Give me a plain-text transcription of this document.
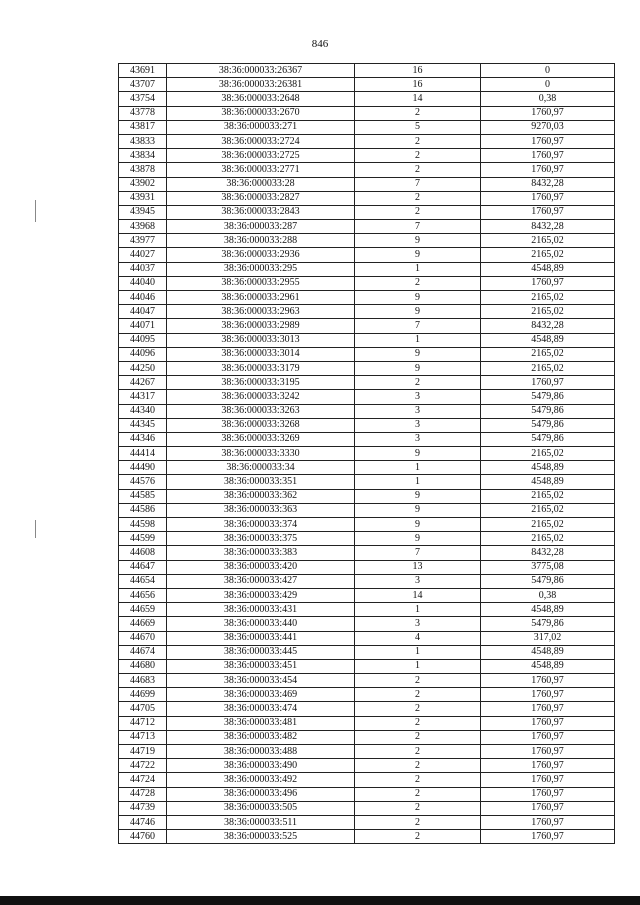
846
43691	38:36:000033:26367	16	0
43707	38:36:000033:26381	16	0
43754	38:36:000033:2648	14	0,38
43778	38:36:000033:2670	2	1760,97
43817	38:36:000033:271	5	9270,03
43833	38:36:000033:2724	2	1760,97
43834	38:36:000033:2725	2	1760,97
43878	38:36:000033:2771	2	1760,97
43902	38:36:000033:28	7	8432,28
43931	38:36:000033:2827	2	1760,97
43945	38:36:000033:2843	2	1760,97
43968	38:36:000033:287	7	8432,28
43977	38:36:000033:288	9	2165,02
44027	38:36:000033:2936	9	2165,02
44037	38:36:000033:295	1	4548,89
44040	38:36:000033:2955	2	1760,97
44046	38:36:000033:2961	9	2165,02
44047	38:36:000033:2963	9	2165,02
44071	38:36:000033:2989	7	8432,28
44095	38:36:000033:3013	1	4548,89
44096	38:36:000033:3014	9	2165,02
44250	38:36:000033:3179	9	2165,02
44267	38:36:000033:3195	2	1760,97
44317	38:36:000033:3242	3	5479,86
44340	38:36:000033:3263	3	5479,86
44345	38:36:000033:3268	3	5479,86
44346	38:36:000033:3269	3	5479,86
44414	38:36:000033:3330	9	2165,02
44490	38:36:000033:34	1	4548,89
44576	38:36:000033:351	1	4548,89
44585	38:36:000033:362	9	2165,02
44586	38:36:000033:363	9	2165,02
44598	38:36:000033:374	9	2165,02
44599	38:36:000033:375	9	2165,02
44608	38:36:000033:383	7	8432,28
44647	38:36:000033:420	13	3775,08
44654	38:36:000033:427	3	5479,86
44656	38:36:000033:429	14	0,38
44659	38:36:000033:431	1	4548,89
44669	38:36:000033:440	3	5479,86
44670	38:36:000033:441	4	317,02
44674	38:36:000033:445	1	4548,89
44680	38:36:000033:451	1	4548,89
44683	38:36:000033:454	2	1760,97
44699	38:36:000033:469	2	1760,97
44705	38:36:000033:474	2	1760,97
44712	38:36:000033:481	2	1760,97
44713	38:36:000033:482	2	1760,97
44719	38:36:000033:488	2	1760,97
44722	38:36:000033:490	2	1760,97
44724	38:36:000033:492	2	1760,97
44728	38:36:000033:496	2	1760,97
44739	38:36:000033:505	2	1760,97
44746	38:36:000033:511	2	1760,97
44760	38:36:000033:525	2	1760,97
